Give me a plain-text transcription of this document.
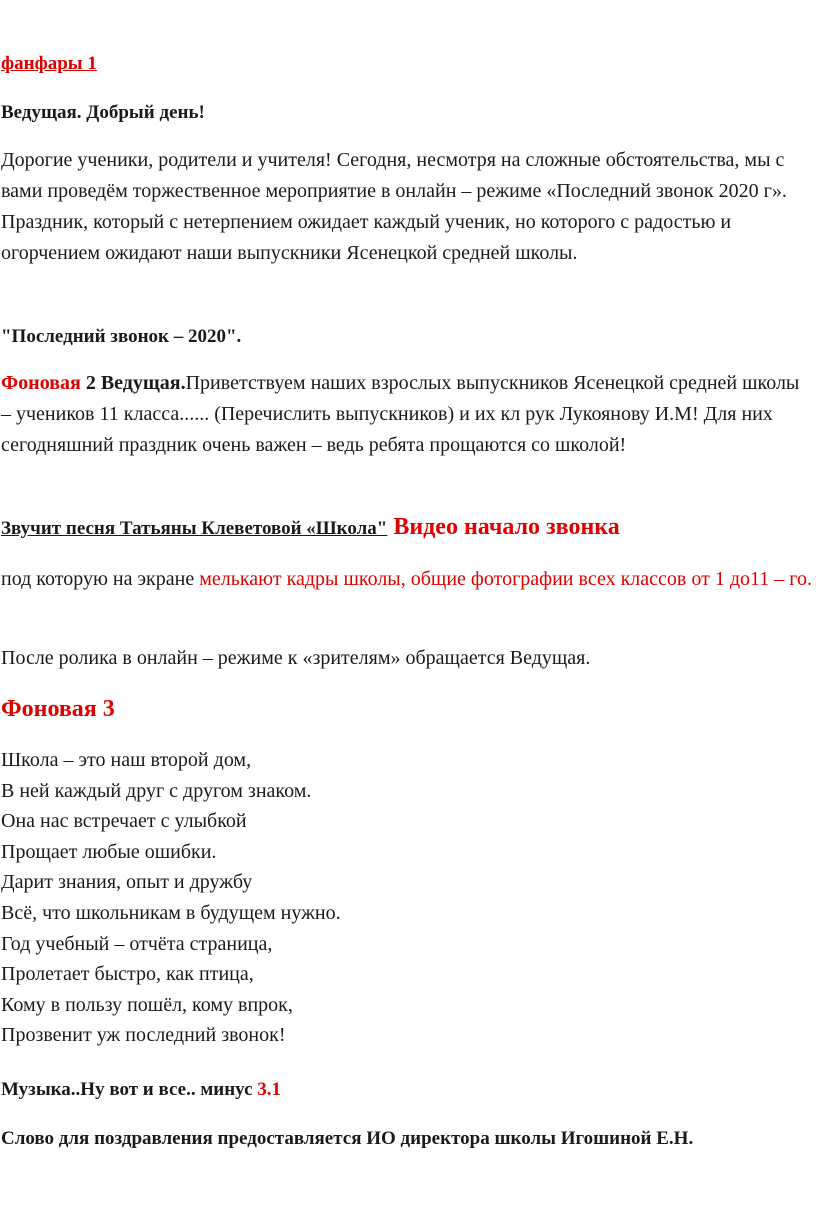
фанфары 1

Ведущая. Добрый день!

Дорогие ученики, родители и учителя! Сегодня, несмотря на сложные обстоятельства, мы с вами проведём торжественное мероприятие в онлайн – режиме «Последний звонок 2020 г». Праздник, который с нетерпением ожидает каждый ученик, но которого с радостью и огорчением ожидают наши выпускники Ясенецкой средней школы.

"Последний звонок – 2020".

Фоновая 2 Ведущая.Приветствуем наших взрослых выпускников Ясенецкой средней школы – учеников 11 класса...... (Перечислить выпускников) и их кл рук Лукоянову И.М! Для них сегодняшний праздник очень важен – ведь ребята прощаются со школой!

Звучит песня Татьяны Клеветовой «Школа" Видео начало звонка

под которую на экране мелькают кадры школы, общие фотографии всех классов от 1 до11 – го.

После ролика в онлайн – режиме к «зрителям» обращается Ведущая.

Фоновая 3

Школа – это наш второй дом,
В ней каждый друг с другом знаком.
Она нас встречает с улыбкой
Прощает любые ошибки.
Дарит знания, опыт и дружбу
Всё, что школьникам в будущем нужно.
Год учебный – отчёта страница,
Пролетает быстро, как птица,
Кому в пользу пошёл, кому впрок,
Прозвенит уж последний звонок!

Музыка..Ну вот и все.. минус 3.1

Слово для поздравления предоставляется ИО директора школы Игошиной Е.Н.
